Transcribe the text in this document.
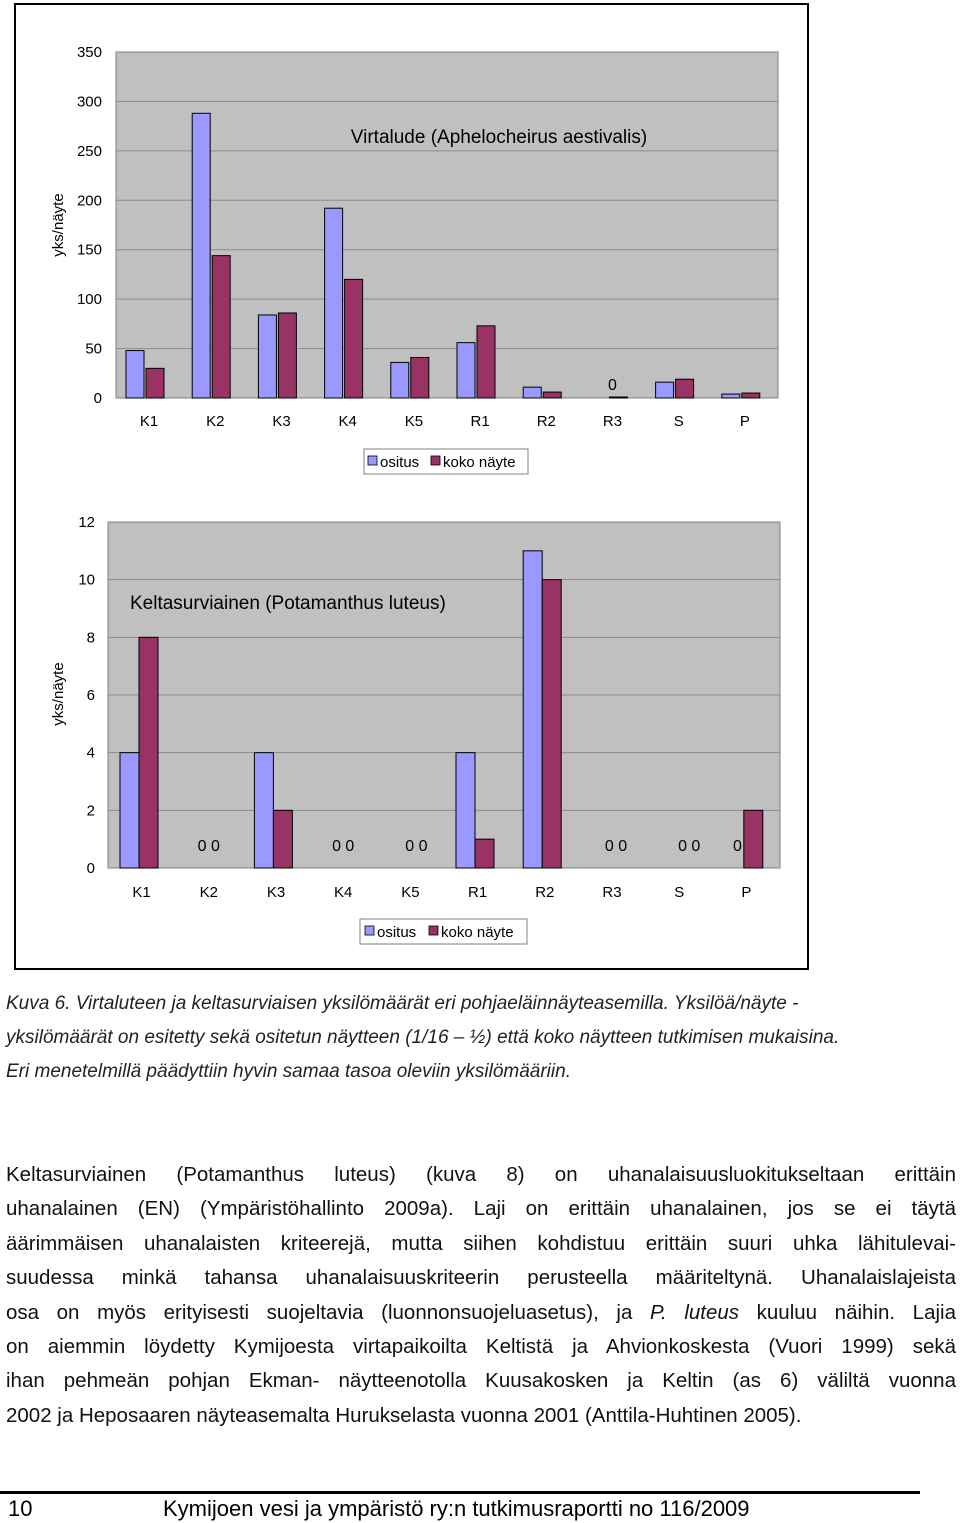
0
50
100
150
200
250
300
350
K1	K2	K3	K4	K5	R1	R2	R3	S	P
0
Virtalude (Aphelocheirus aestivalis)
yks/näyte
ositus koko näyte
0
2
4
6
8
10
12
K1	K2	K3	K4	K5	R1	R2	R3	S	P
0 0	0 0	0 0	0 0	0 0 0
Keltasurviainen (Potamanthus luteus)
yks/näyte
ositus koko näyte

Kuva 6. Virtaluteen ja keltasurviaisen yksilömäärät eri pohjaeläinnäyteasemilla. Yksilöä/näyte -
yksilömäärät on esitetty sekä ositetun näytteen (1/16 – ½) että koko näytteen tutkimisen mukaisina.
Eri menetelmillä päädyttiin hyvin samaa tasoa oleviin yksilömääriin.

Keltasurviainen (Potamanthus luteus) (kuva 8) on uhanalaisuusluokitukseltaan erittäin
uhanalainen (EN) (Ympäristöhallinto 2009a). Laji on erittäin uhanalainen, jos se ei täytä
äärimmäisen uhanalaisten kriteerejä, mutta siihen kohdistuu erittäin suuri uhka lähitulevai-
suudessa minkä tahansa uhanalaisuuskriteerin perusteella määriteltynä. Uhanalaislajeista
osa on myös erityisesti suojeltavia (luonnonsuojeluasetus), ja P. luteus kuuluu näihin. Lajia
on aiemmin löydetty Kymijoesta virtapaikoilta Keltistä ja Ahvionkoskesta (Vuori 1999) sekä
ihan pehmeän pohjan Ekman- näytteenotolla Kuusakosken ja Keltin (as 6) väliltä vuonna
2002 ja Heposaaren näyteasemalta Hurukselasta vuonna 2001 (Anttila-Huhtinen 2005).

10	Kymijoen vesi ja ympäristö ry:n tutkimusraportti no 116/2009
